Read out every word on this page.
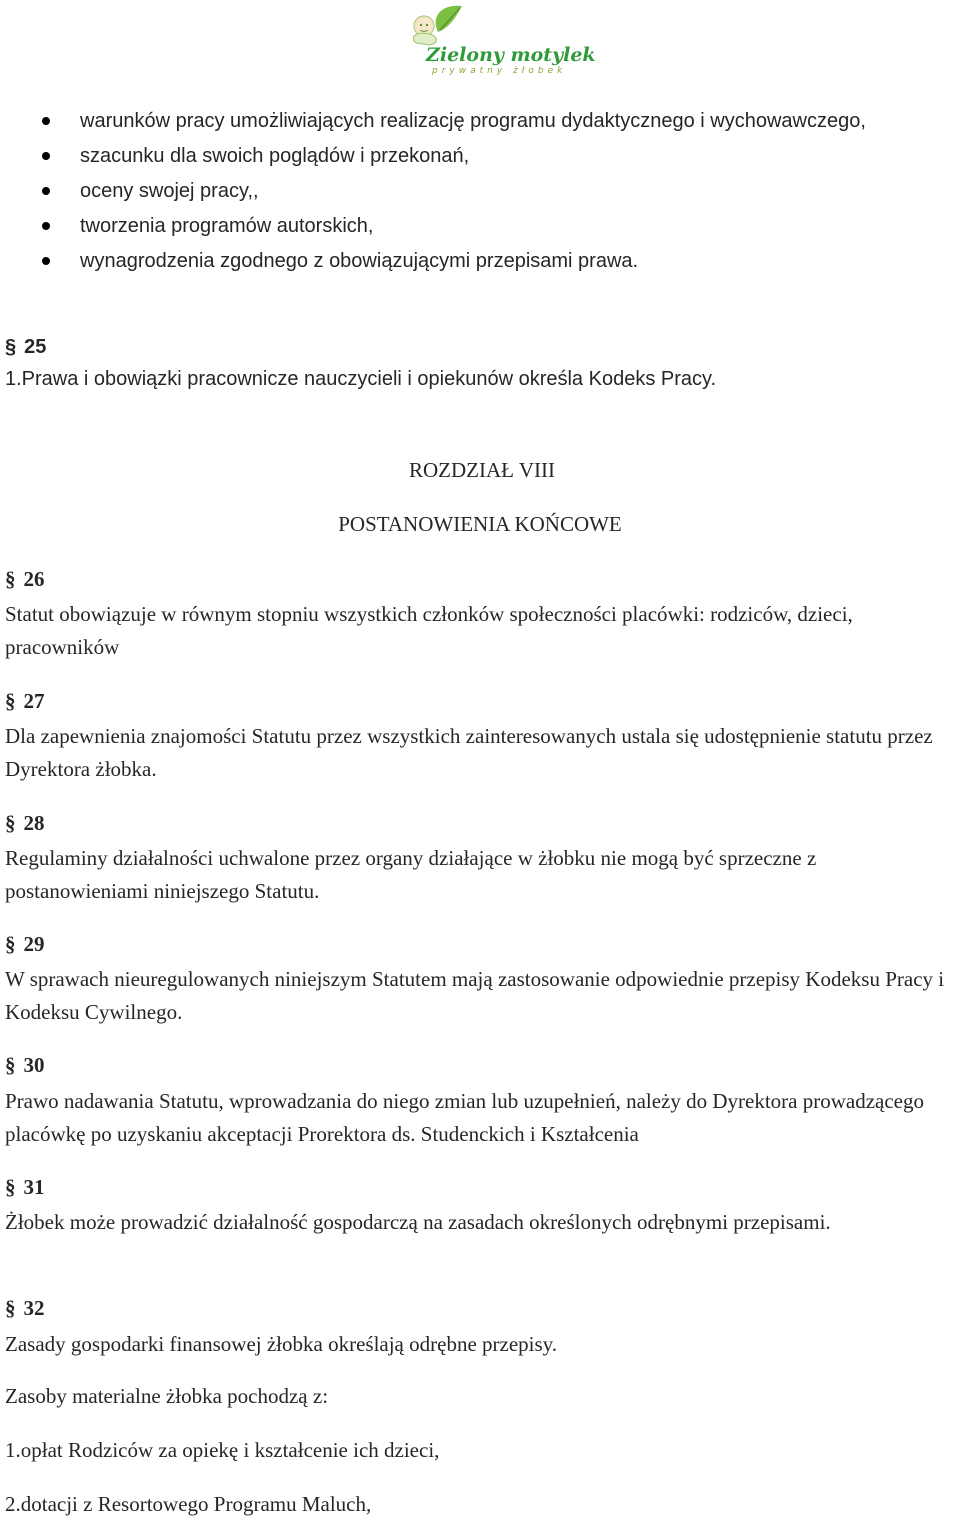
Zielony motylek
prywatny żłobek
warunków pracy umożliwiających realizację programu dydaktycznego i wychowawczego,
szacunku dla swoich poglądów i przekonań,
oceny swojej pracy,,
tworzenia programów autorskich,
wynagrodzenia zgodnego z obowiązującymi przepisami prawa.
§ 25
1.Prawa i obowiązki pracownicze nauczycieli i opiekunów określa Kodeks Pracy.
ROZDZIAŁ VIII
POSTANOWIENIA KOŃCOWE
§ 26
Statut obowiązuje w równym stopniu wszystkich członków społeczności placówki: rodziców, dzieci, pracowników
§ 27
Dla zapewnienia znajomości Statutu przez wszystkich zainteresowanych ustala się udostępnienie statutu przez Dyrektora żłobka.
§ 28
Regulaminy działalności uchwalone przez organy działające w żłobku nie mogą być sprzeczne z postanowieniami niniejszego Statutu.
§ 29
W sprawach nieuregulowanych niniejszym Statutem mają zastosowanie odpowiednie przepisy Kodeksu Pracy i Kodeksu Cywilnego.
§ 30
Prawo nadawania Statutu, wprowadzania do niego zmian lub uzupełnień, należy do Dyrektora prowadzącego placówkę po uzyskaniu akceptacji Prorektora ds. Studenckich i Kształcenia
§ 31
Żłobek może prowadzić działalność gospodarczą na zasadach określonych odrębnymi przepisami.
§ 32
Zasady gospodarki finansowej żłobka określają odrębne przepisy.
Zasoby materialne żłobka pochodzą z:
1.opłat Rodziców za opiekę i kształcenie ich dzieci,
2.dotacji z Resortowego Programu Maluch,
